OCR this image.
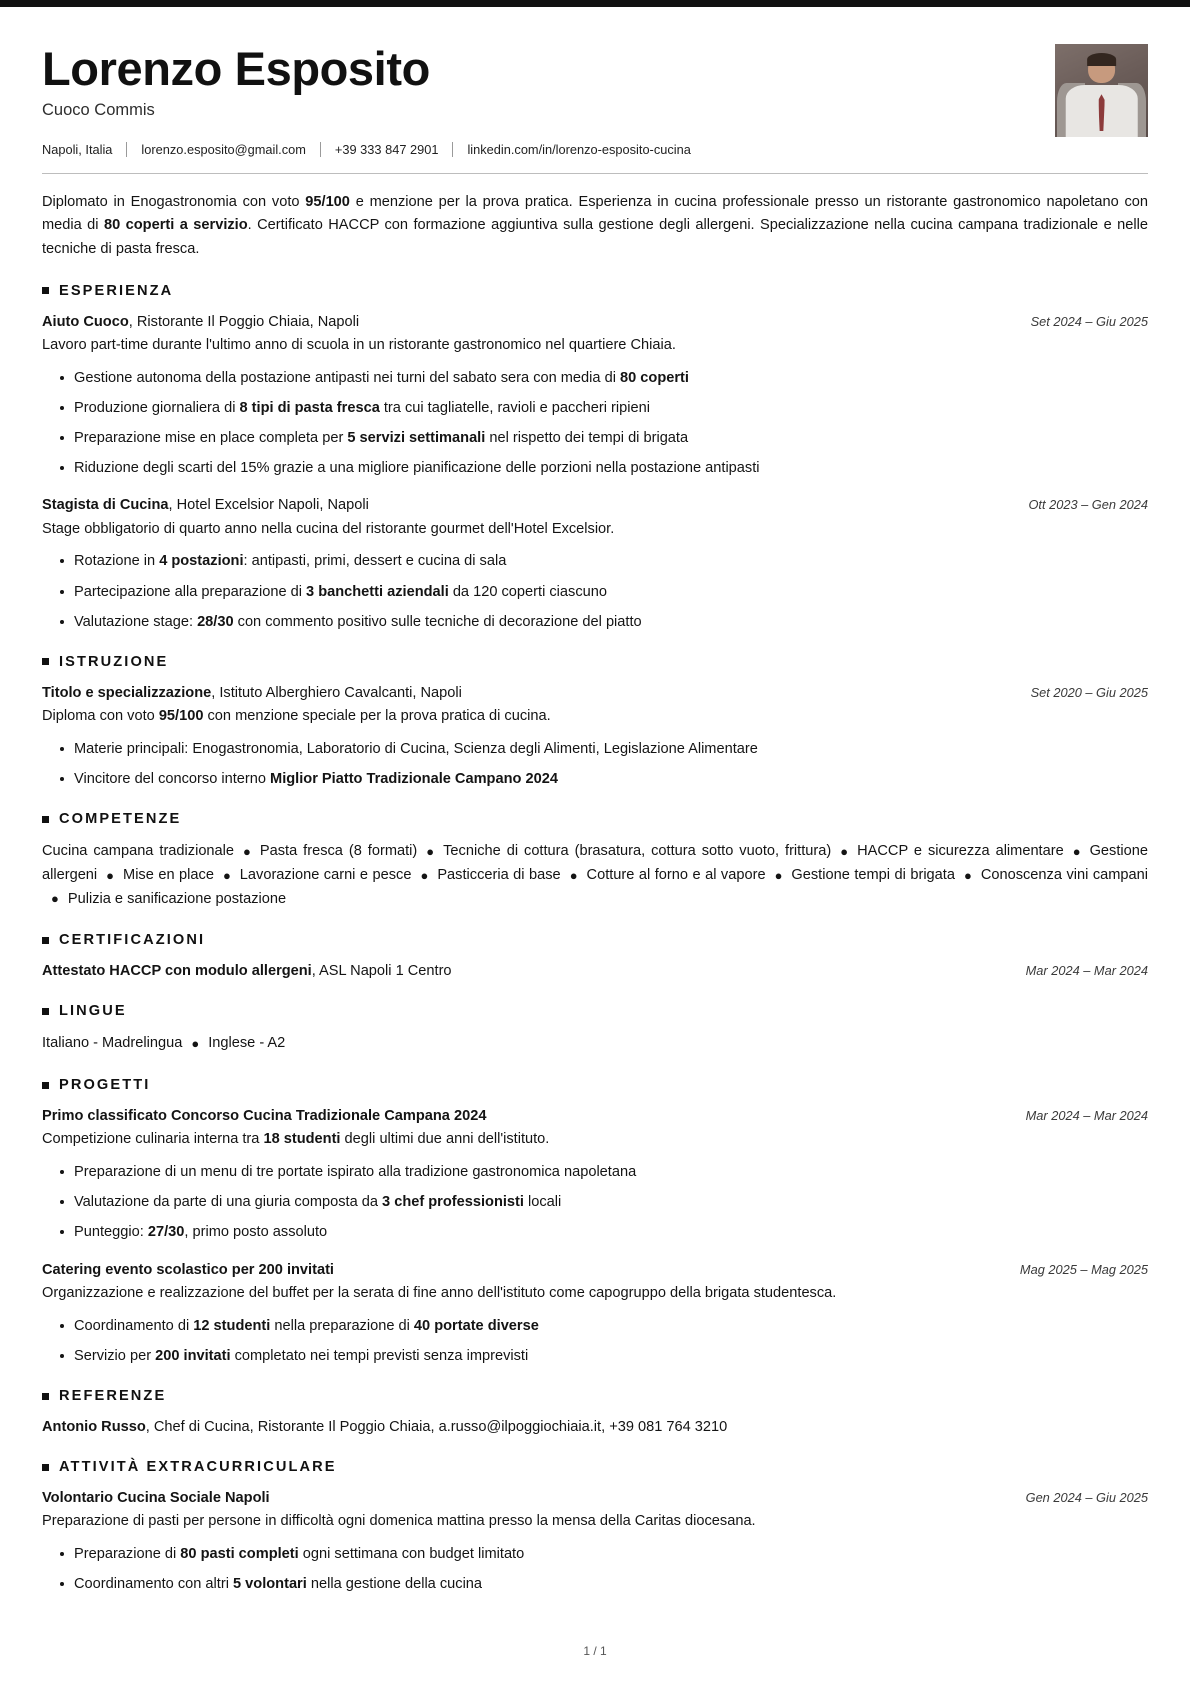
Lorenzo Esposito
Cuoco Commis
Napoli, Italia lorenzo.esposito@gmail.com +39 333 847 2901 linkedin.com/in/lorenzo-esposito-cucina

Diplomato in Enogastronomia con voto 95/100 e menzione per la prova pratica. Esperienza in cucina professionale presso un ristorante gastronomico napoletano con media di 80 coperti a servizio. Certificato HACCP con formazione aggiuntiva sulla gestione degli allergeni. Specializzazione nella cucina campana tradizionale e nelle tecniche di pasta fresca.

ESPERIENZA
Aiuto Cuoco, Ristorante Il Poggio Chiaia, Napoli	Set 2024 – Giu 2025
Lavoro part-time durante l'ultimo anno di scuola in un ristorante gastronomico nel quartiere Chiaia.
Gestione autonoma della postazione antipasti nei turni del sabato sera con media di 80 coperti
Produzione giornaliera di 8 tipi di pasta fresca tra cui tagliatelle, ravioli e paccheri ripieni
Preparazione mise en place completa per 5 servizi settimanali nel rispetto dei tempi di brigata
Riduzione degli scarti del 15% grazie a una migliore pianificazione delle porzioni nella postazione antipasti
Stagista di Cucina, Hotel Excelsior Napoli, Napoli	Ott 2023 – Gen 2024
Stage obbligatorio di quarto anno nella cucina del ristorante gourmet dell'Hotel Excelsior.
Rotazione in 4 postazioni: antipasti, primi, dessert e cucina di sala
Partecipazione alla preparazione di 3 banchetti aziendali da 120 coperti ciascuno
Valutazione stage: 28/30 con commento positivo sulle tecniche di decorazione del piatto
ISTRUZIONE
Titolo e specializzazione, Istituto Alberghiero Cavalcanti, Napoli	Set 2020 – Giu 2025
Diploma con voto 95/100 con menzione speciale per la prova pratica di cucina.
Materie principali: Enogastronomia, Laboratorio di Cucina, Scienza degli Alimenti, Legislazione Alimentare
Vincitore del concorso interno Miglior Piatto Tradizionale Campano 2024
COMPETENZE
Cucina campana tradizionale ● Pasta fresca (8 formati) ● Tecniche di cottura (brasatura, cottura sotto vuoto, frittura) ● HACCP e sicurezza alimentare ● Gestione allergeni ● Mise en place ● Lavorazione carni e pesce ● Pasticceria di base ● Cotture al forno e al vapore ● Gestione tempi di brigata ● Conoscenza vini campani● Pulizia e sanificazione postazione
CERTIFICAZIONI
Attestato HACCP con modulo allergeni, ASL Napoli 1 Centro	Mar 2024 – Mar 2024
LINGUE
Italiano - Madrelingua ● Inglese - A2
PROGETTI
Primo classificato Concorso Cucina Tradizionale Campana 2024	Mar 2024 – Mar 2024
Competizione culinaria interna tra 18 studenti degli ultimi due anni dell'istituto.
Preparazione di un menu di tre portate ispirato alla tradizione gastronomica napoletana
Valutazione da parte di una giuria composta da 3 chef professionisti locali
Punteggio: 27/30, primo posto assoluto
Catering evento scolastico per 200 invitati	Mag 2025 – Mag 2025
Organizzazione e realizzazione del buffet per la serata di fine anno dell'istituto come capogruppo della brigata studentesca.
Coordinamento di 12 studenti nella preparazione di 40 portate diverse
Servizio per 200 invitati completato nei tempi previsti senza imprevisti
REFERENZE
Antonio Russo, Chef di Cucina, Ristorante Il Poggio Chiaia, a.russo@ilpoggiochiaia.it, +39 081 764 3210
ATTIVITÀ EXTRACURRICULARE
Volontario Cucina Sociale Napoli	Gen 2024 – Giu 2025
Preparazione di pasti per persone in difficoltà ogni domenica mattina presso la mensa della Caritas diocesana.
Preparazione di 80 pasti completi ogni settimana con budget limitato
Coordinamento con altri 5 volontari nella gestione della cucina
1 / 1
